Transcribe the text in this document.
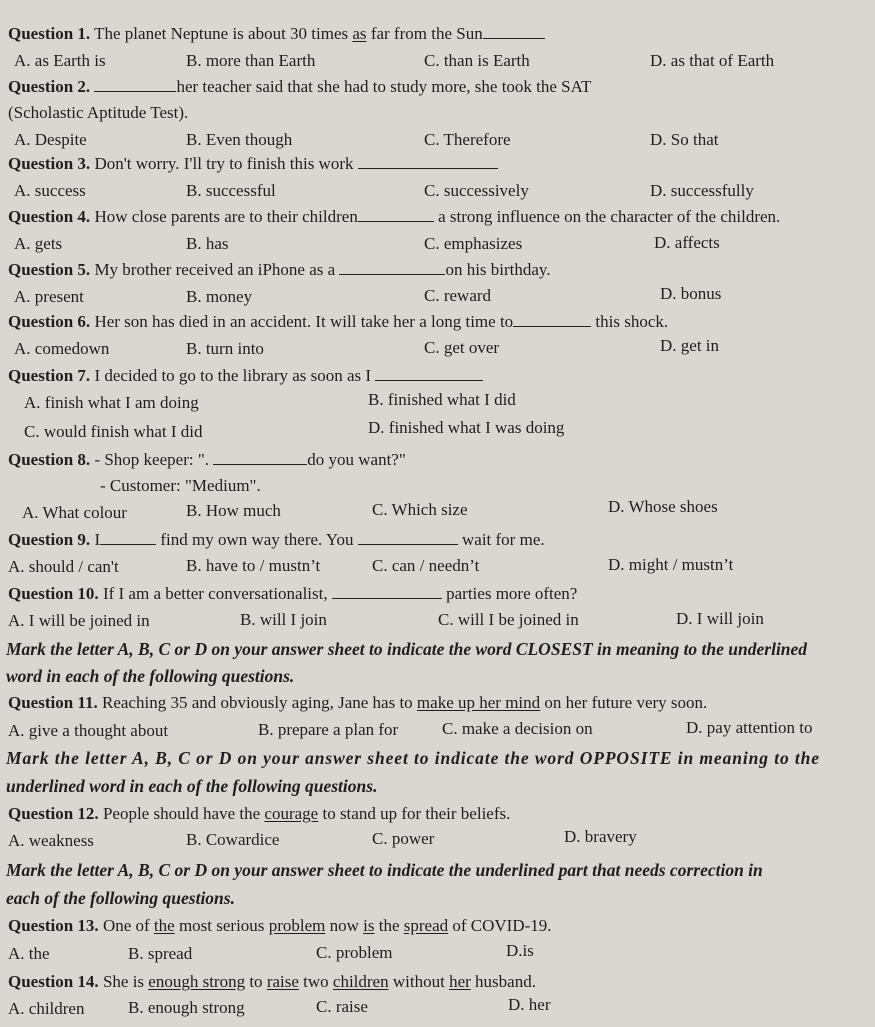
Question 1. The planet Neptune is about 30 times as far from the Sun
A. as Earth is	B. more than Earth	C. than is Earth	D. as that of Earth
Question 2.	her teacher said that she had to study more, she took the SAT
(Scholastic Aptitude Test).
A. Despite	B. Even though	C. Therefore	D. So that
Question 3. Don't worry. I'll try to finish this work
A. success	B. successful	C. successively	D. successfully
Question 4. How close parents are to their children	a strong influence on the character of the children.
A. gets	B. has	C. emphasizes	D. affects
Question 5. My brother received an iPhone as a	on his birthday.
A. present	B. money	C. reward	D. bonus
Question 6. Her son has died in an accident. It will take her a long time to	this shock.
A. comedown	B. turn into	C. get over	D. get in
Question 7. I decided to go to the library as soon as I
A. finish what I am doing	B. finished what I did
C. would finish what I did	D. finished what I was doing
Question 8. - Shop keeper: ".	do you want?"
- Customer: "Medium".
A. What colour	B. How much	C. Which size	D. Whose shoes
Question 9. I	find my own way there. You	wait for me.
A. should / can't	B. have to / mustn’t	C. can / needn’t	D. might / mustn’t
Question 10. If I am a better conversationalist,	parties more often?
A. I will be joined in	B. will I join	C. will I be joined in	D. I will join
Mark the letter A, B, C or D on your answer sheet to indicate the word CLOSEST in meaning to the underlined
word in each of the following questions.
Question 11. Reaching 35 and obviously aging, Jane has to make up her mind on her future very soon.
A. give a thought about	B. prepare a plan for	C. make a decision on	D. pay attention to
Mark the letter A, B, C or D on your answer sheet to indicate the word OPPOSITE in meaning to the
underlined word in each of the following questions.
Question 12. People should have the courage to stand up for their beliefs.
A. weakness	B. Cowardice	C. power	D. bravery
Mark the letter A, B, C or D on your answer sheet to indicate the underlined part that needs correction in
each of the following questions.
Question 13. One of the most serious problem now is the spread of COVID-19.
A. the	B. spread	C. problem	D.is
Question 14. She is enough strong to raise two children without her husband.
A. children	B. enough strong	C. raise	D. her
